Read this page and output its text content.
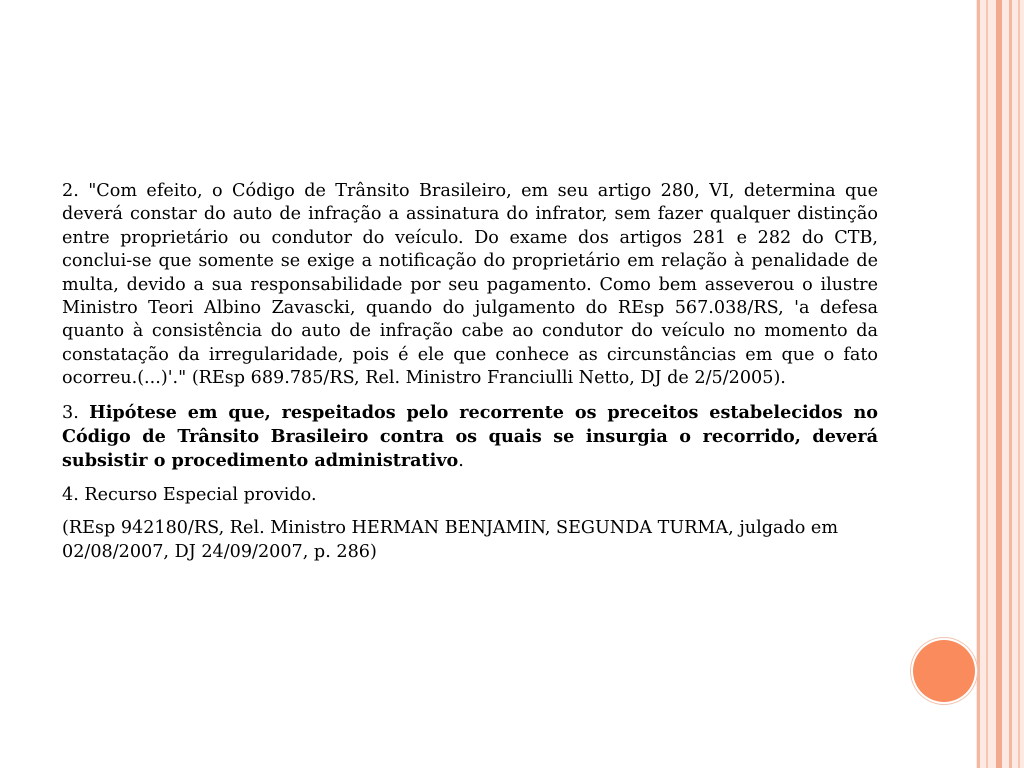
2. "Com efeito, o Código de Trânsito Brasileiro, em seu artigo 280, VI, determina que deverá constar do auto de infração a assinatura do infrator, sem fazer qualquer distinção entre proprietário ou condutor do veículo. Do exame dos artigos 281 e 282 do CTB, conclui-se que somente se exige a notificação do proprietário em relação à penalidade de multa, devido a sua responsabilidade por seu pagamento. Como bem asseverou o ilustre Ministro Teori Albino Zavascki, quando do julgamento do REsp 567.038/RS, 'a defesa quanto à consistência do auto de infração cabe ao condutor do veículo no momento da constatação da irregularidade, pois é ele que conhece as circunstâncias em que o fato ocorreu.(...)'." (REsp 689.785/RS, Rel. Ministro Franciulli Netto, DJ de 2/5/2005).

3. Hipótese em que, respeitados pelo recorrente os preceitos estabelecidos no Código de Trânsito Brasileiro contra os quais se insurgia o recorrido, deverá subsistir o procedimento administrativo.

4. Recurso Especial provido.

(REsp 942180/RS, Rel. Ministro HERMAN BENJAMIN, SEGUNDA TURMA, julgado em 02/08/2007, DJ 24/09/2007, p. 286)
